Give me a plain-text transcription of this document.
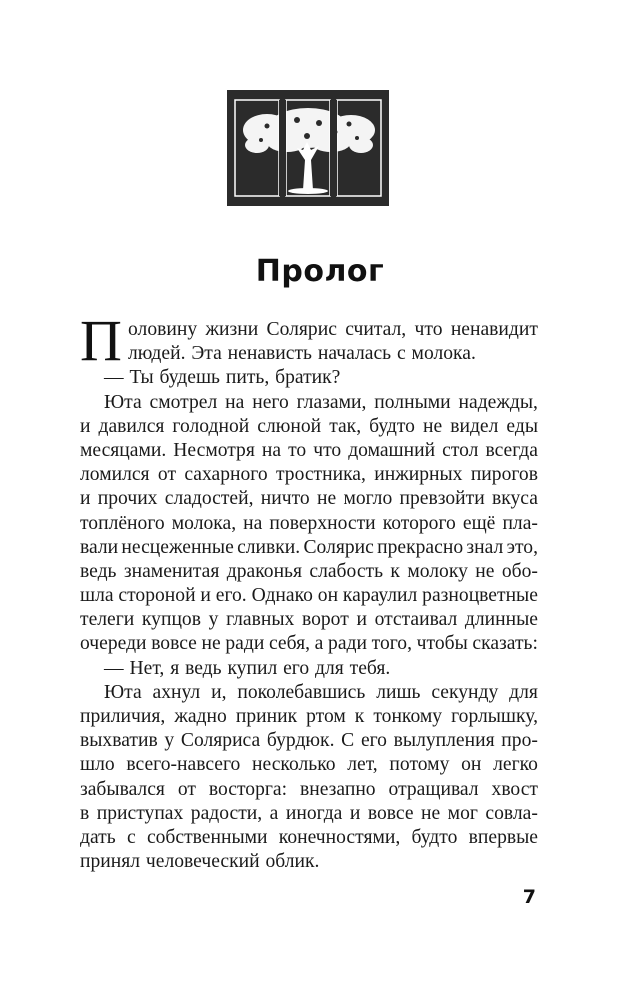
Пролог
П оловину жизни Солярис считал, что ненавидит
людей. Эта ненависть началась с молока.
— Ты будешь пить, братик?
Юта смотрел на него глазами, полными надежды,
и давился голодной слюной так, будто не видел еды
месяцами. Несмотря на то что домашний стол всегда
ломился от сахарного тростника, инжирных пирогов
и прочих сладостей, ничто не могло превзойти вкуса
топлёного молока, на поверхности которого ещё пла-
вали несцеженные сливки. Солярис прекрасно знал это,
ведь знаменитая драконья слабость к молоку не обо-
шла стороной и его. Однако он караулил разноцветные
телеги купцов у главных ворот и отстаивал длинные
очереди вовсе не ради себя, а ради того, чтобы сказать:
— Нет, я ведь купил его для тебя.
Юта ахнул и, поколебавшись лишь секунду для
приличия, жадно приник ртом к тонкому горлышку,
выхватив у Соляриса бурдюк. С его вылупления про-
шло всего-навсего несколько лет, потому он легко
забывался от восторга: внезапно отращивал хвост
в приступах радости, а иногда и вовсе не мог совла-
дать с собственными конечностями, будто впервые
принял человеческий облик.
7
